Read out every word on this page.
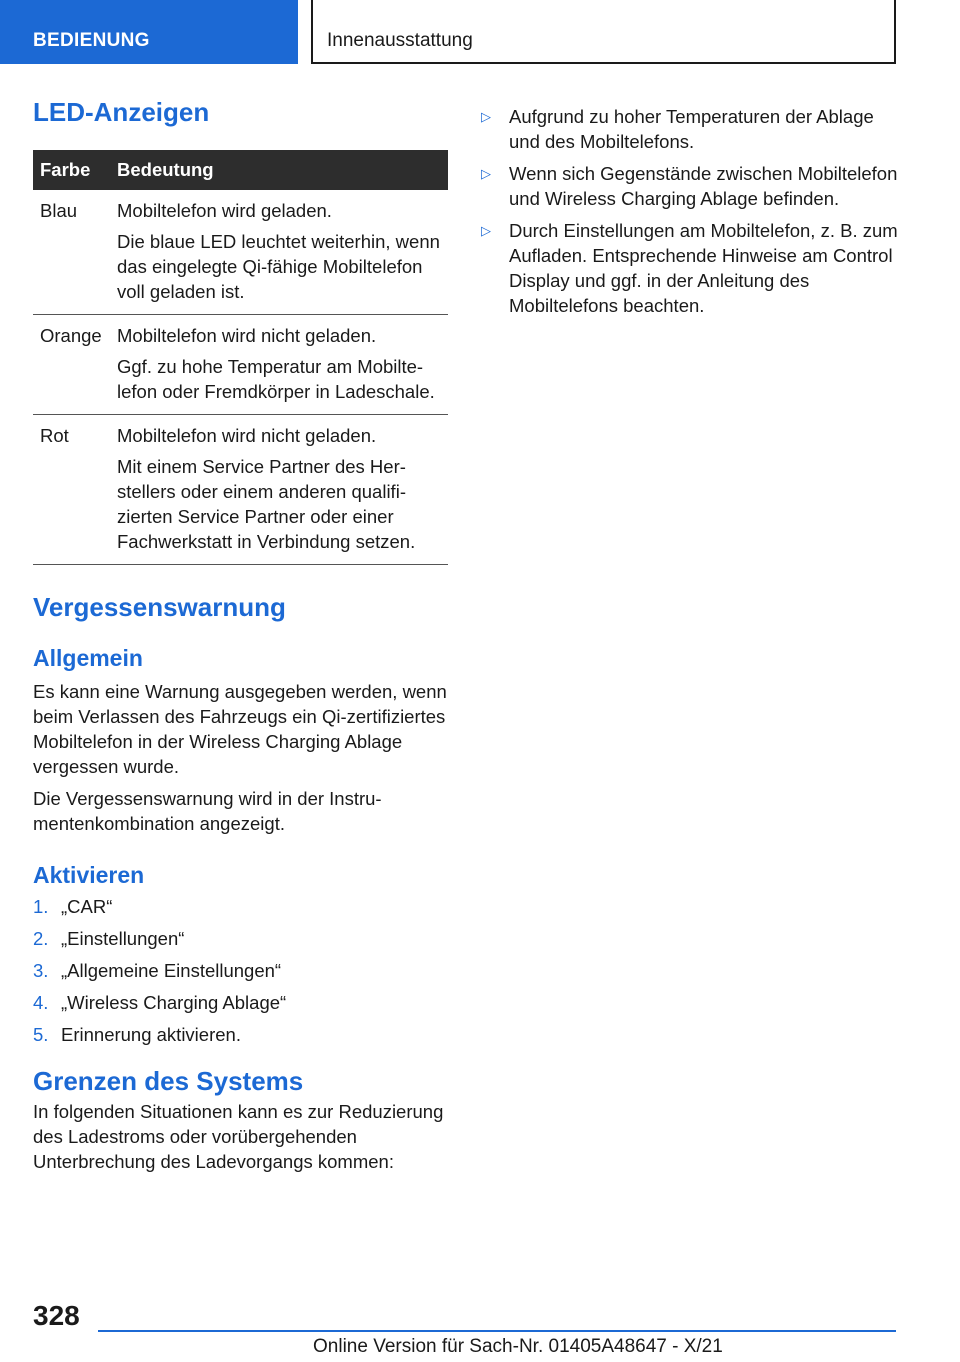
BEDIENUNG	Innenausstattung
LED-Anzeigen
Farbe	Bedeutung
Blau	Mobiltelefon wird geladen.
Die blaue LED leuchtet weiterhin, wenn das eingelegte Qi-fähige Mobiltelefon voll geladen ist.

Orange	Mobiltelefon wird nicht geladen.
Ggf. zu hohe Temperatur am Mobiltelefon oder Fremdkörper in Ladeschale.

Rot	Mobiltelefon wird nicht geladen.
Mit einem Service Partner des Herstellers oder einem anderen qualifizierten Service Partner oder einer Fachwerkstatt in Verbindung setzen.
Vergessenswarnung
Allgemein

Es kann eine Warnung ausgegeben werden, wenn beim Verlassen des Fahrzeugs ein Qi-zertifiziertes Mobiltelefon in der Wireless Charging Ablage vergessen wurde.

Die Vergessenswarnung wird in der Instrumentenkombination angezeigt.

Aktivieren
1. „CAR“
2. „Einstellungen“
3. „Allgemeine Einstellungen“
4. „Wireless Charging Ablage“
5. Erinnerung aktivieren.
Grenzen des Systems

In folgenden Situationen kann es zur Reduzierung des Ladestroms oder vorübergehenden Unterbrechung des Ladevorgangs kommen:

▷ Aufgrund zu hoher Temperaturen der Ablage und des Mobiltelefons.
▷ Wenn sich Gegenstände zwischen Mobiltelefon und Wireless Charging Ablage befinden.
▷ Durch Einstellungen am Mobiltelefon, z. B. zum Aufladen. Entsprechende Hinweise am Control Display und ggf. in der Anleitung des Mobiltelefons beachten.
328
Online Version für Sach-Nr. 01405A48647 - X/21
